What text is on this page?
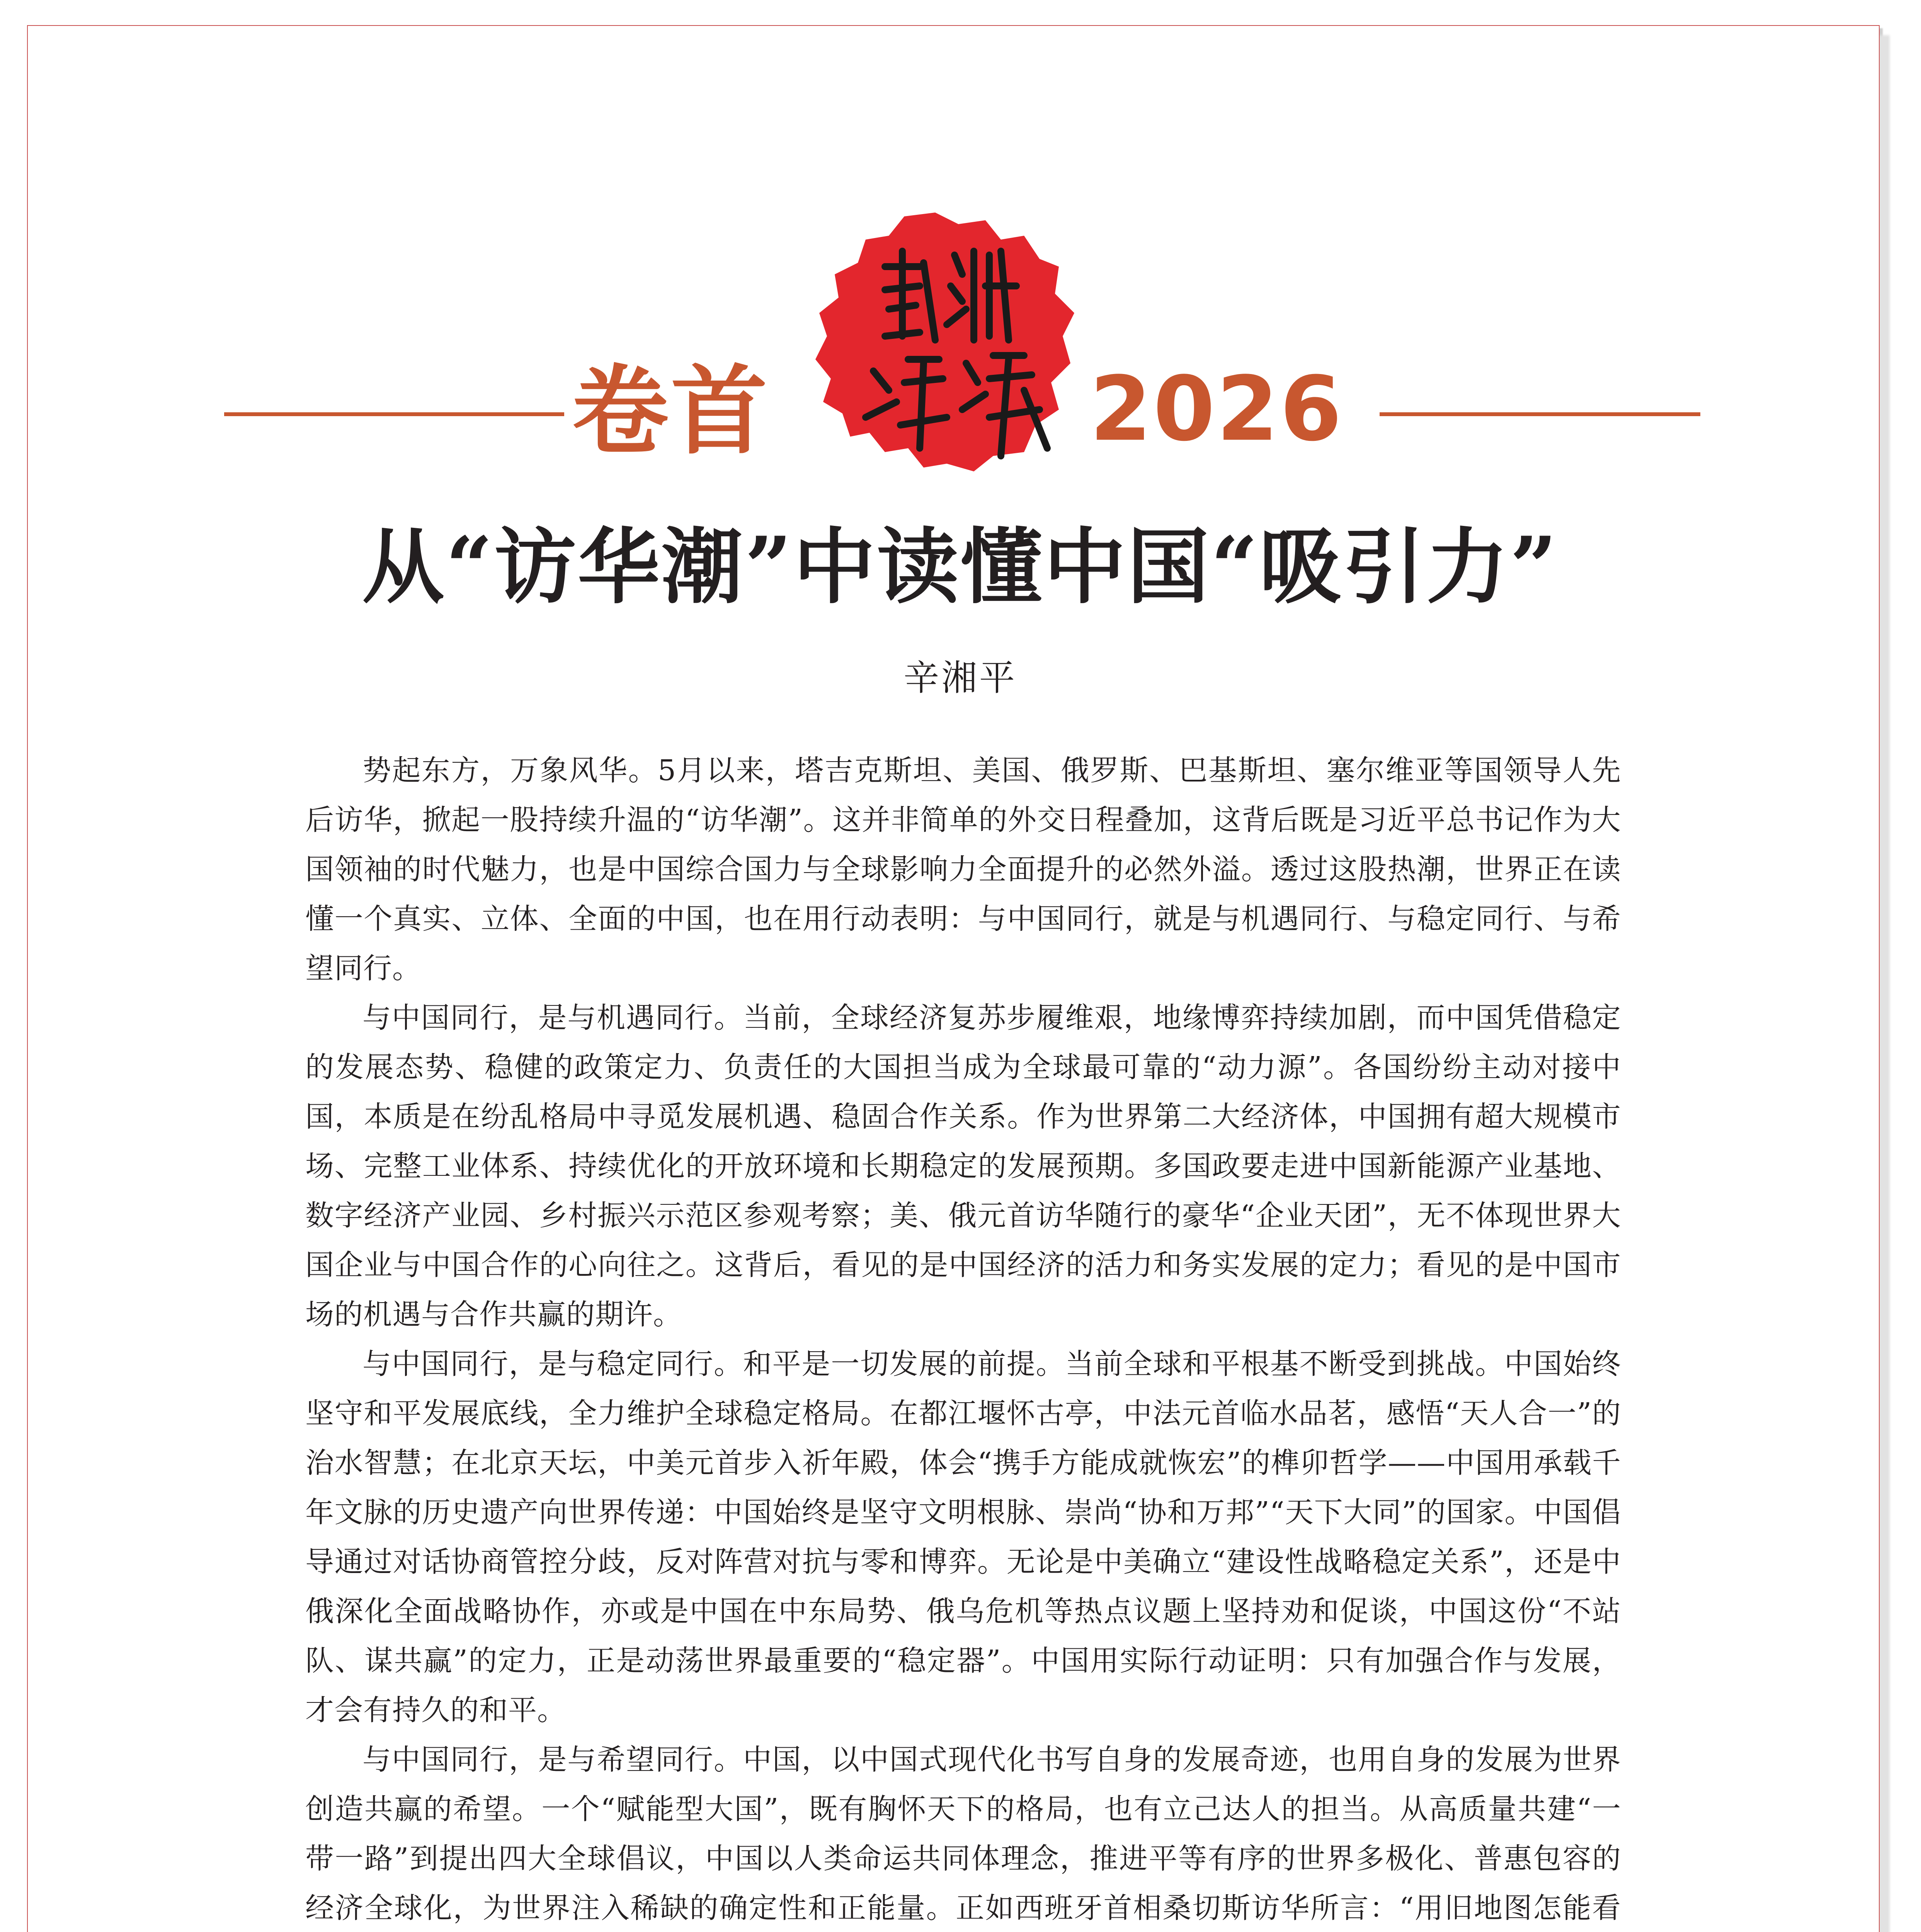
卷首	2026
从“访华潮”中读懂中国“吸引力”
辛湘平

势起东方，万象风华。5月以来，塔吉克斯坦、美国、俄罗斯、巴基斯坦、塞尔维亚等国领导人先后访华，掀起一股持续升温的“访华潮”。这并非简单的外交日程叠加，这背后既是习近平总书记作为大国领袖的时代魅力，也是中国综合国力与全球影响力全面提升的必然外溢。透过这股热潮，世界正在读懂一个真实、立体、全面的中国，也在用行动表明：与中国同行，就是与机遇同行、与稳定同行、与希望同行。

与中国同行，是与机遇同行。当前，全球经济复苏步履维艰，地缘博弈持续加剧，而中国凭借稳定的发展态势、稳健的政策定力、负责任的大国担当成为全球最可靠的“动力源”。各国纷纷主动对接中国，本质是在纷乱格局中寻觅发展机遇、稳固合作关系。作为世界第二大经济体，中国拥有超大规模市场、完整工业体系、持续优化的开放环境和长期稳定的发展预期。多国政要走进中国新能源产业基地、数字经济产业园、乡村振兴示范区参观考察；美、俄元首访华随行的豪华“企业天团”，无不体现世界大国企业与中国合作的心向往之。这背后，看见的是中国经济的活力和务实发展的定力；看见的是中国市场的机遇与合作共赢的期许。

与中国同行，是与稳定同行。和平是一切发展的前提。当前全球和平根基不断受到挑战。中国始终坚守和平发展底线，全力维护全球稳定格局。在都江堰怀古亭，中法元首临水品茗，感悟“天人合一”的治水智慧；在北京天坛，中美元首步入祈年殿，体会“携手方能成就恢宏”的榫卯哲学——中国用承载千年文脉的历史遗产向世界传递：中国始终是坚守文明根脉、崇尚“协和万邦”“天下大同”的国家。中国倡导通过对话协商管控分歧，反对阵营对抗与零和博弈。无论是中美确立“建设性战略稳定关系”，还是中俄深化全面战略协作，亦或是中国在中东局势、俄乌危机等热点议题上坚持劝和促谈，中国这份“不站队、谋共赢”的定力，正是动荡世界最重要的“稳定器”。中国用实际行动证明：只有加强合作与发展，才会有持久的和平。

与中国同行，是与希望同行。中国，以中国式现代化书写自身的发展奇迹，也用自身的发展为世界创造共赢的希望。一个“赋能型大国”，既有胸怀天下的格局，也有立己达人的担当。从高质量共建“一带一路”到提出四大全球倡议，中国以人类命运共同体理念，推进平等有序的世界多极化、普惠包容的经济全球化，为世界注入稀缺的确定性和正能量。正如西班牙首相桑切斯访华所言：“用旧地图怎能看
